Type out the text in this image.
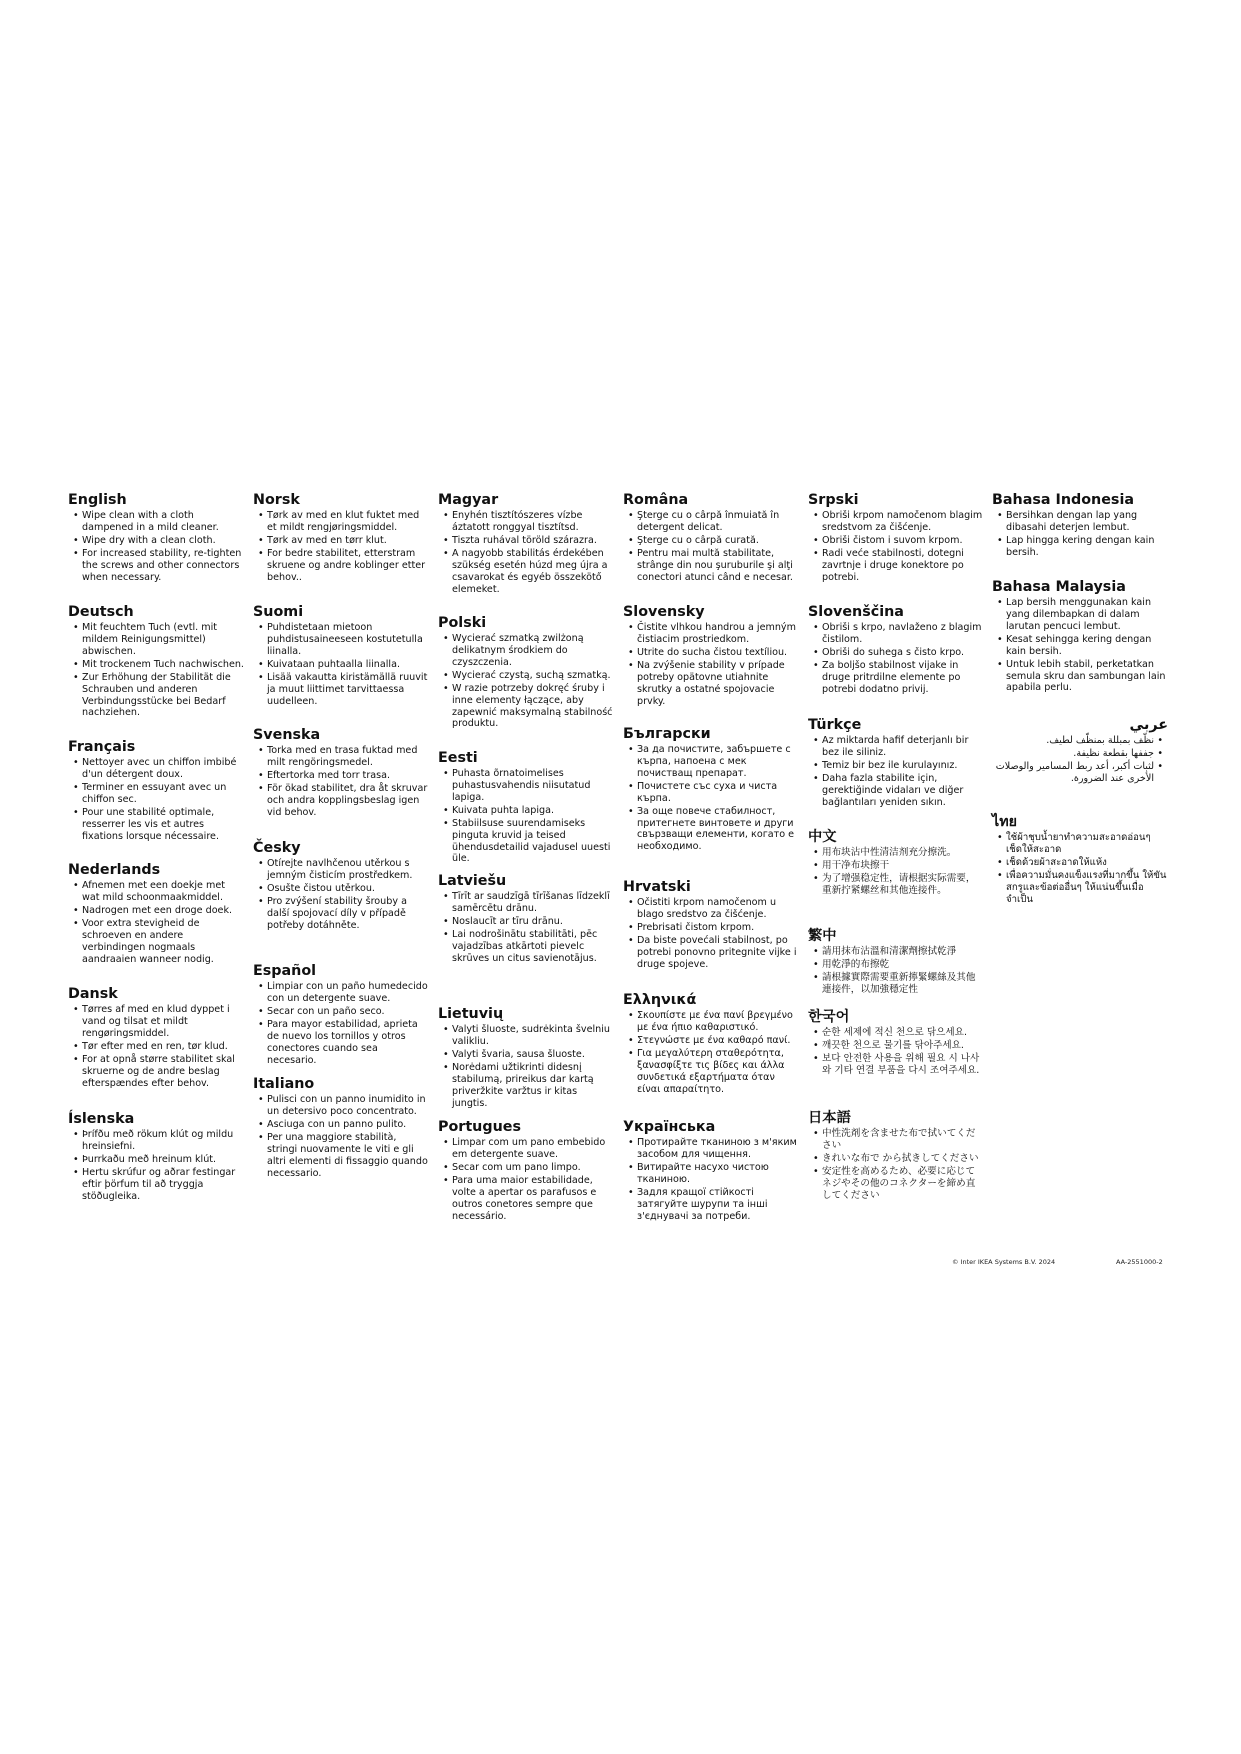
English
• Wipe clean with a cloth dampened in a mild cleaner.
• Wipe dry with a clean cloth.
• For increased stability, re-tighten the screws and other connectors when necessary.
Deutsch
• Mit feuchtem Tuch (evtl. mit mildem Reinigungsmittel) abwischen.
• Mit trockenem Tuch nachwischen.
• Zur Erhöhung der Stabilität die Schrauben und anderen Verbindungsstücke bei Bedarf nachziehen.
Français
• Nettoyer avec un chiffon imbibé d'un détergent doux.
• Terminer en essuyant avec un chiffon sec.
• Pour une stabilité optimale, resserrer les vis et autres fixations lorsque nécessaire.
Nederlands
• Afnemen met een doekje met wat mild schoonmaakmiddel.
• Nadrogen met een droge doek.
• Voor extra stevigheid de schroeven en andere verbindingen nogmaals aandraaien wanneer nodig.
Dansk
• Tørres af med en klud dyppet i vand og tilsat et mildt rengøringsmiddel.
• Tør efter med en ren, tør klud.
• For at opnå større stabilitet skal skruerne og de andre beslag efterspændes efter behov.
Íslenska
• Þrífðu með rökum klút og mildu hreinsiefni.
• Þurrkaðu með hreinum klút.
• Hertu skrúfur og aðrar festingar eftir þörfum til að tryggja stöðugleika.
Norsk
• Tørk av med en klut fuktet med et mildt rengjøringsmiddel.
• Tørk av med en tørr klut.
• For bedre stabilitet, etterstram skruene og andre koblinger etter behov..
Suomi
• Puhdistetaan mietoon puhdistusaineeseen kostutetulla liinalla.
• Kuivataan puhtaalla liinalla.
• Lisää vakautta kiristämällä ruuvit ja muut liittimet tarvittaessa uudelleen.
Svenska
• Torka med en trasa fuktad med milt rengöringsmedel.
• Eftertorka med torr trasa.
• För ökad stabilitet, dra åt skruvar och andra kopplingsbeslag igen vid behov.
Česky
• Otírejte navlhčenou utěrkou s jemným čisticím prostředkem.
• Osušte čistou utěrkou.
• Pro zvýšení stability šrouby a další spojovací díly v případě potřeby dotáhněte.
Español
• Limpiar con un paño humedecido con un detergente suave.
• Secar con un paño seco.
• Para mayor estabilidad, aprieta de nuevo los tornillos y otros conectores cuando sea necesario.
Italiano
• Pulisci con un panno inumidito in un detersivo poco concentrato.
• Asciuga con un panno pulito.
• Per una maggiore stabilità, stringi nuovamente le viti e gli altri elementi di fissaggio quando necessario.
Magyar
• Enyhén tisztítószeres vízbe áztatott ronggyal tisztítsd.
• Tiszta ruhával töröld szárazra.
• A nagyobb stabilitás érdekében szükség esetén húzd meg újra a csavarokat és egyéb összekötő elemeket.
Polski
• Wycierać szmatką zwilżoną delikatnym środkiem do czyszczenia.
• Wycierać czystą, suchą szmatką.
• W razie potrzeby dokręć śruby i inne elementy łączące, aby zapewnić maksymalną stabilność produktu.
Eesti
• Puhasta õrnatoimelises puhastusvahendis niisutatud lapiga.
• Kuivata puhta lapiga.
• Stabiilsuse suurendamiseks pinguta kruvid ja teised ühendusdetailid vajadusel uuesti üle.
Latviešu
• Tīrīt ar saudzīgā tīrīšanas līdzeklī samērcētu drānu.
• Noslaucīt ar tīru drānu.
• Lai nodrošinātu stabilitāti, pēc vajadzības atkārtoti pievelc skrūves un citus savienotājus.
Lietuvių
• Valyti šluoste, sudrėkinta švelniu valikliu.
• Valyti švaria, sausa šluoste.
• Norėdami užtikrinti didesnį stabilumą, prireikus dar kartą priveržkite varžtus ir kitas jungtis.
Portugues
• Limpar com um pano embebido em detergente suave.
• Secar com um pano limpo.
• Para uma maior estabilidade, volte a apertar os parafusos e outros conetores sempre que necessário.
Româna
• Şterge cu o cârpă înmuiată în detergent delicat.
• Şterge cu o cârpă curată.
• Pentru mai multă stabilitate, strânge din nou şuruburile şi alţi conectori atunci când e necesar.
Slovensky
• Čistite vlhkou handrou a jemným čistiacim prostriedkom.
• Utrite do sucha čistou textíliou.
• Na zvýšenie stability v prípade potreby opätovne utiahnite skrutky a ostatné spojovacie prvky.
Български
• За да почистите, забършете с кърпа, напоена с мек почистващ препарат.
• Почистете със суха и чиста кърпа.
• За още повече стабилност, притегнете винтовете и други свързващи елементи, когато е необходимо.
Hrvatski
• Očistiti krpom namočenom u blago sredstvo za čišćenje.
• Prebrisati čistom krpom.
• Da biste povećali stabilnost, po potrebi ponovno pritegnite vijke i druge spojeve.
Ελληνικά
• Σκουπίστε με ένα πανί βρεγμένο με ένα ήπιο καθαριστικό.
• Στεγνώστε με ένα καθαρό πανί.
• Για μεγαλύτερη σταθερότητα, ξανασφίξτε τις βίδες και άλλα συνδετικά εξαρτήματα όταν είναι απαραίτητο.
Українська
• Протирайте тканиною з м'яким засобом для чищення.
• Витирайте насухо чистою тканиною.
• Задля кращої стійкості затягуйте шурупи та інші з'єднувачі за потреби.
Srpski
• Obriši krpom namočenom blagim sredstvom za čišćenje.
• Obriši čistom i suvom krpom.
• Radi veće stabilnosti, dotegni zavrtnje i druge konektore po potrebi.
Slovenščina
• Obriši s krpo, navlaženo z blagim čistilom.
• Obriši do suhega s čisto krpo.
• Za boljšo stabilnost vijake in druge pritrdilne elemente po potrebi dodatno priviј.
Türkçe
• Az miktarda hafif deterjanlı bir bez ile siliniz.
• Temiz bir bez ile kurulayınız.
• Daha fazla stabilite için, gerektiğinde vidaları ve diğer bağlantıları yeniden sıkın.
中文
• 用布块沾中性清洁剂充分擦洗。
• 用干净布块擦干
• 为了增强稳定性，请根据实际需要，重新拧紧螺丝和其他连接件。
繁中
• 請用抹布沾溫和清潔劑擦拭乾淨
• 用乾淨的布擦乾
• 請根據實際需要重新擰緊螺絲及其他連接件，以加強穩定性
한국어
• 순한 세제에 적신 천으로 닦으세요.
• 깨끗한 천으로 물기를 닦아주세요.
• 보다 안전한 사용을 위해 필요 시 나사와 기타 연결 부품을 다시 조여주세요.
日本語
• 中性洗剤を含ませた布で拭いてください
• きれいな布で から拭きしてください
• 安定性を高めるため、必要に応じてネジやその他のコネクターを締め直してください
Bahasa Indonesia
• Bersihkan dengan lap yang dibasahi deterjen lembut.
• Lap hingga kering dengan kain bersih.
Bahasa Malaysia
• Lap bersih menggunakan kain yang dilembapkan di dalam larutan pencuci lembut.
• Kesat sehingga kering dengan kain bersih.
• Untuk lebih stabil, perketatkan semula skru dan sambungan lain apabila perlu.
عربي
• نظّف بمبللة بمنظّف لطيف.
• جففها بقطعة نظيفة.
• لثبات أكبر، أعد ربط المسامير والوصلات الأخرى عند الضرورة.
ไทย
• ใช้ผ้าชุบน้ำยาทำความสะอาดอ่อนๆ เช็ดให้สะอาด
• เช็ดด้วยผ้าสะอาดให้แห้ง
• เพื่อความมั่นคงแข็งแรงที่มากขึ้น ให้ขันสกรูและข้อต่ออื่นๆ ให้แน่นขึ้นเมื่อจำเป็น
© Inter IKEA Systems B.V. 2024	AA-2551000-2
